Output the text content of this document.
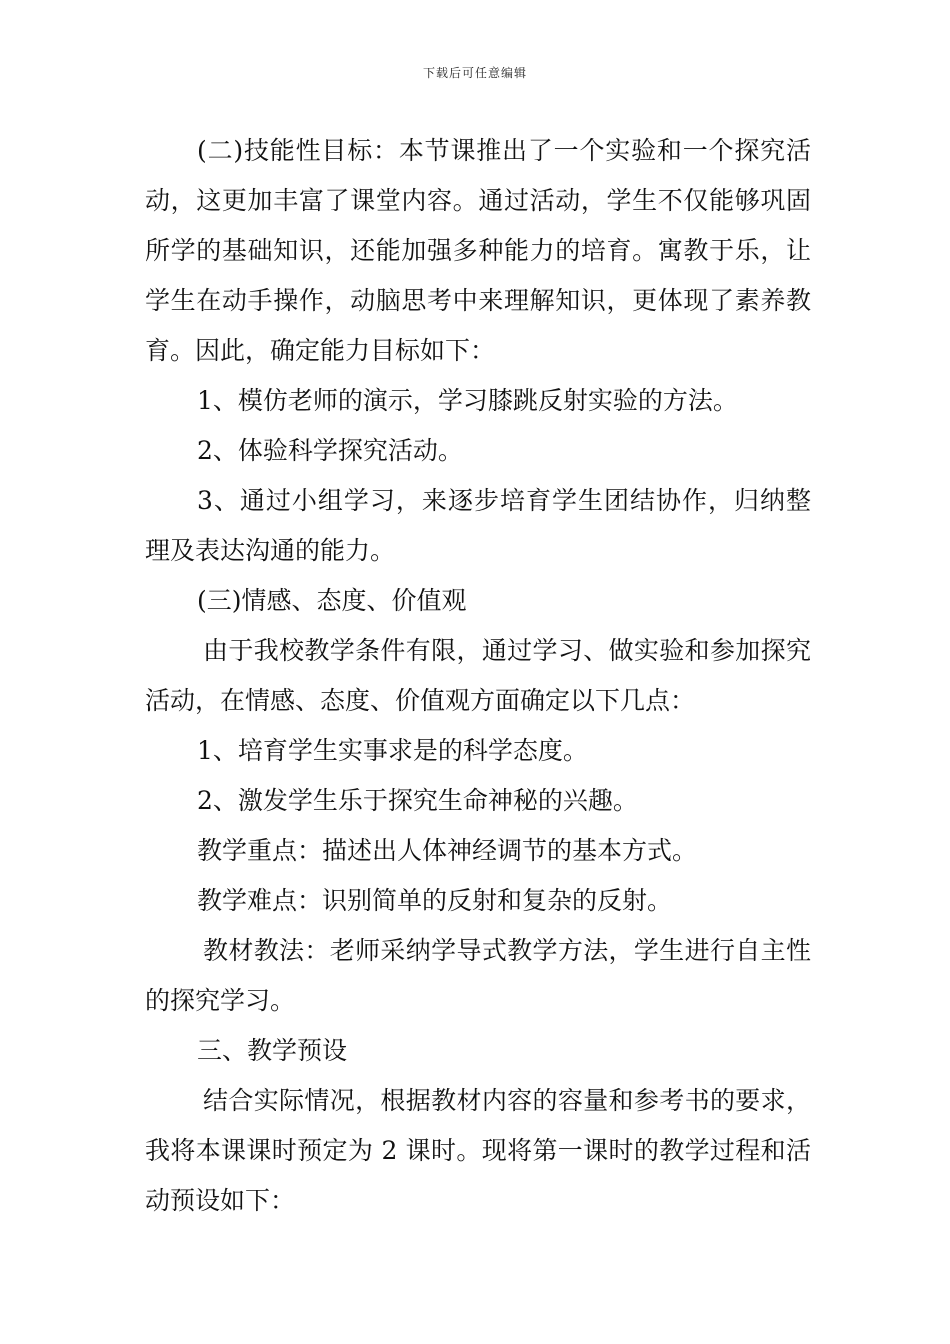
下载后可任意编辑

(二)技能性目标：本节课推出了一个实验和一个探究活动，这更加丰富了课堂内容。通过活动，学生不仅能够巩固所学的基础知识，还能加强多种能力的培育。寓教于乐，让学生在动手操作，动脑思考中来理解知识，更体现了素养教育。因此，确定能力目标如下：

1、模仿老师的演示，学习膝跳反射实验的方法。

2、体验科学探究活动。

3、通过小组学习，来逐步培育学生团结协作，归纳整理及表达沟通的能力。

(三)情感、态度、价值观

由于我校教学条件有限，通过学习、做实验和参加探究活动，在情感、态度、价值观方面确定以下几点：

1、培育学生实事求是的科学态度。

2、激发学生乐于探究生命神秘的兴趣。

教学重点：描述出人体神经调节的基本方式。

教学难点：识别简单的反射和复杂的反射。

教材教法：老师采纳学导式教学方法，学生进行自主性的探究学习。

三、教学预设

结合实际情况，根据教材内容的容量和参考书的要求，我将本课课时预定为 2 课时。现将第一课时的教学过程和活动预设如下：
